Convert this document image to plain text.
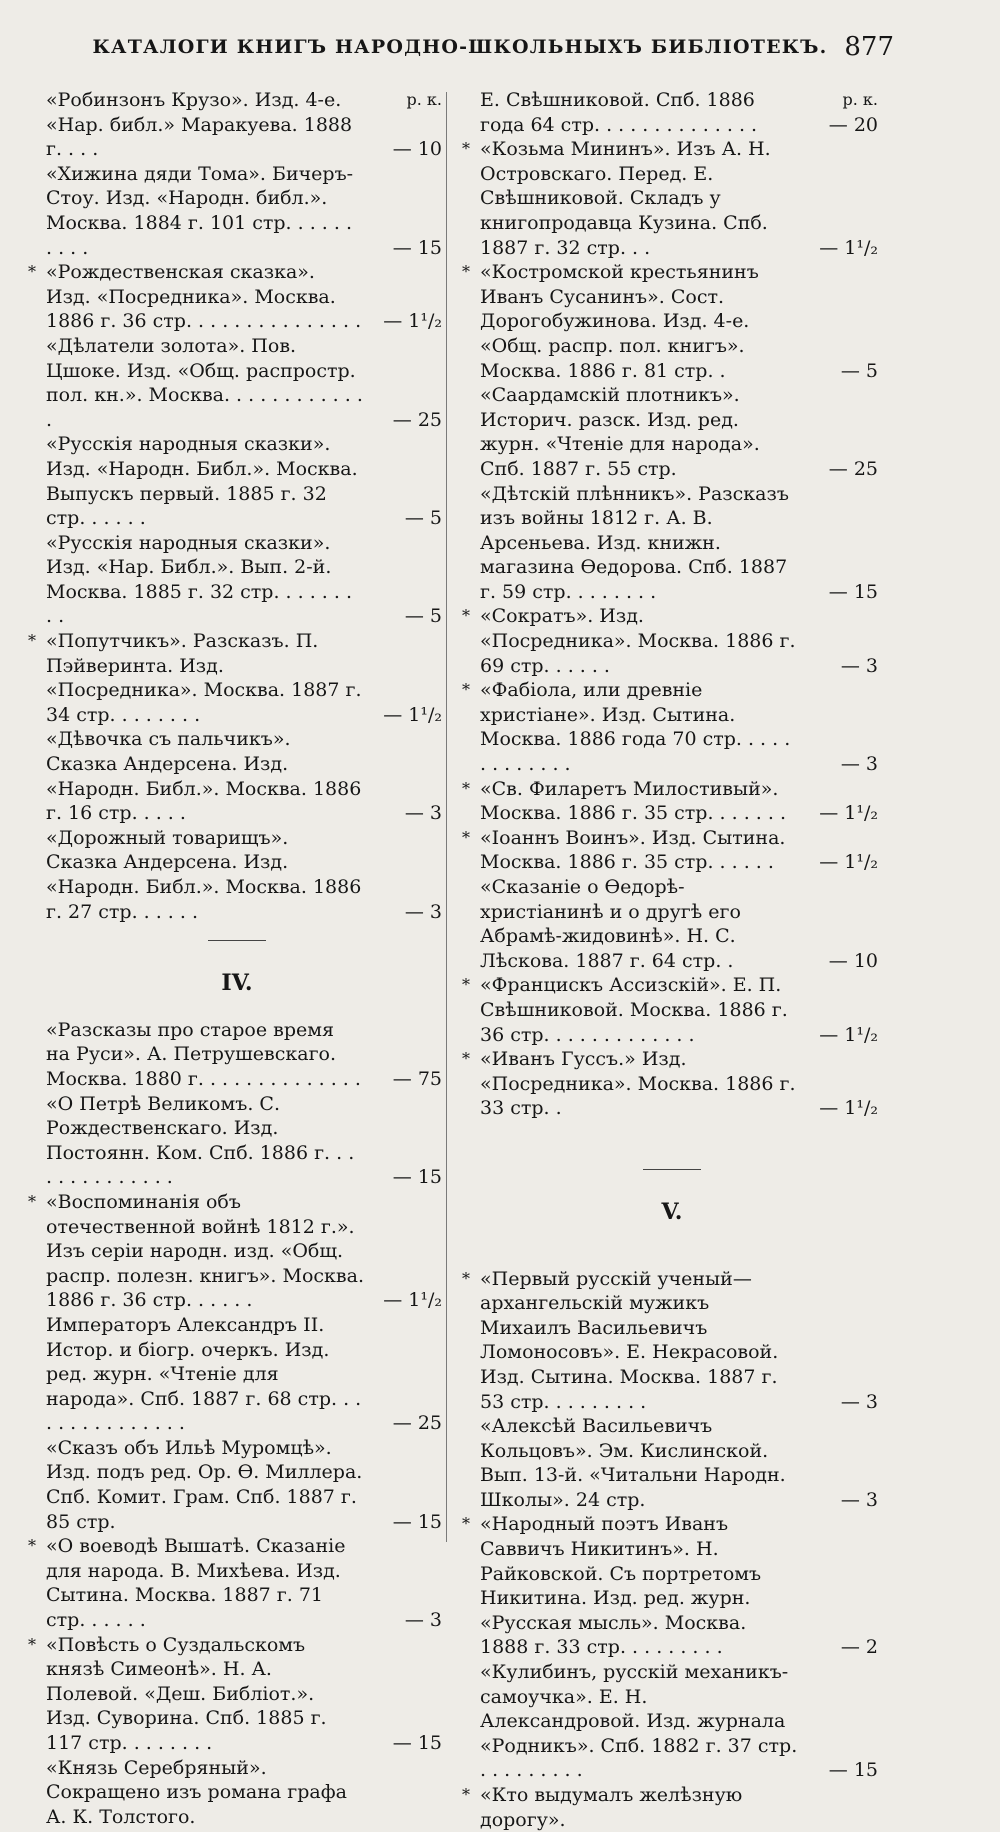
КАТАЛОГИ КНИГЪ НАРОДНО-ШКОЛЬНЫХЪ БИБЛІОТЕКЪ. 877
р. к.
«Робинзонъ Крузо». Изд. 4-е. «Нар. библ.» Маракуева. 1888 г. . . .	— 10
«Хижина дяди Тома». Бичеръ-Стоу. Изд. «Народн. библ.». Москва. 1884 г. 101 стр. . . . . . . . . .	— 15
* «Рождественская сказка». Изд. «Посредника». Москва. 1886 г. 36 стр. . . . . . . . . . . . . . .	— 1¹/₂
«Дѣлатели золота». Пов. Цшоке. Изд. «Общ. распростр. пол. кн.». Москва. . . . . . . . . . . . .	— 25
«Русскія народныя сказки». Изд. «Народн. Библ.». Москва. Выпускъ первый. 1885 г. 32 стр. . . . . .	— 5
«Русскія народныя сказки». Изд. «Нар. Библ.». Вып. 2-й. Москва. 1885 г. 32 стр. . . . . . . . .	— 5
* «Попутчикъ». Разсказъ. П. Пэйверинта. Изд. «Посредника». Москва. 1887 г. 34 стр. . . . . . . .	— 1¹/₂
«Дѣвочка съ пальчикъ». Сказка Андерсена. Изд. «Народн. Библ.». Москва. 1886 г. 16 стр. . . . .	— 3
«Дорожный товарищъ». Сказка Андерсена. Изд. «Народн. Библ.». Москва. 1886 г. 27 стр. . . . . .	— 3
IV.
«Разсказы про старое время на Руси». А. Петрушевскаго. Москва. 1880 г. . . . . . . . . . . . . .	— 75
«О Петрѣ Великомъ. С. Рождественскаго. Изд. Постоянн. Ком. Спб. 1886 г. . . . . . . . . . . . . .	— 15
* «Воспоминанія объ отечественной войнѣ 1812 г.». Изъ серіи народн. изд. «Общ. распр. полезн. книгъ». Москва. 1886 г. 36 стр. . . . . .	— 1¹/₂
Императоръ Александръ II. Истор. и біогр. очеркъ. Изд. ред. журн. «Чтеніе для народа». Спб. 1887 г. 68 стр. . . . . . . . . . . . . . .	— 25
«Сказъ объ Ильѣ Муромцѣ». Изд. подъ ред. Ор. Ѳ. Миллера. Спб. Комит. Грам. Спб. 1887 г. 85 стр.	— 15
* «О воеводѣ Вышатѣ. Сказаніе для народа. В. Михѣева. Изд. Сытина. Москва. 1887 г. 71 стр. . . . . .	— 3
* «Повѣсть о Суздальскомъ князѣ Симеонѣ». Н. А. Полевой. «Деш. Библіот.». Изд. Суворина. Спб. 1885 г. 117 стр. . . . . . . .	— 15
«Князь Серебряный». Сокращено изъ романа графа А. К. Толстого.
р. к.
Е. Свѣшниковой. Спб. 1886 года 64 стр. . . . . . . . . . . . . .	— 20
* «Козьма Мининъ». Изъ А. Н. Островскаго. Перед. Е. Свѣшниковой. Складъ у книгопродавца Кузина. Спб. 1887 г. 32 стр. . .	— 1¹/₂
* «Костромской крестьянинъ Иванъ Сусанинъ». Сост. Дорогобужинова. Изд. 4-е. «Общ. распр. пол. книгъ». Москва. 1886 г. 81 стр. .	— 5
«Саардамскій плотникъ». Историч. разск. Изд. ред. журн. «Чтеніе для народа». Спб. 1887 г. 55 стр.	— 25
«Дѣтскій плѣнникъ». Разсказъ изъ войны 1812 г. А. В. Арсеньева. Изд. книжн. магазина Ѳедорова. Спб. 1887 г. 59 стр. . . . . . . .	— 15
* «Сократъ». Изд. «Посредника». Москва. 1886 г. 69 стр. . . . . .	— 3
* «Фабіола, или древніе христіане». Изд. Сытина. Москва. 1886 года 70 стр. . . . . . . . . . . . .	— 3
* «Св. Филаретъ Милостивый». Москва. 1886 г. 35 стр. . . . . . .	— 1¹/₂
* «Іоаннъ Воинъ». Изд. Сытина. Москва. 1886 г. 35 стр. . . . . .	— 1¹/₂
«Сказаніе о Ѳедорѣ-христіанинѣ и о другѣ его Абрамѣ-жидовинѣ». Н. С. Лѣскова. 1887 г. 64 стр. .	— 10
* «Францискъ Ассизскій». Е. П. Свѣшниковой. Москва. 1886 г. 36 стр. . . . . . . . . . . . .	— 1¹/₂
* «Иванъ Гуссъ.» Изд. «Посредника». Москва. 1886 г. 33 стр. .	— 1¹/₂
V.
* «Первый русскій ученый—архангельскій мужикъ Михаилъ Васильевичъ Ломоносовъ». Е. Некрасовой. Изд. Сытина. Москва. 1887 г. 53 стр. . . . . . . . .	— 3
«Алексѣй Васильевичъ Кольцовъ». Эм. Кислинской. Вып. 13-й. «Читальни Народн. Школы». 24 стр.	— 3
* «Народный поэтъ Иванъ Саввичъ Никитинъ». Н. Райковской. Съ портретомъ Никитина. Изд. ред. журн. «Русская мысль». Москва. 1888 г. 33 стр. . . . . . . . .	— 2
«Кулибинъ, русскій механикъ-самоучка». Е. Н. Александровой. Изд. журнала «Родникъ». Спб. 1882 г. 37 стр. . . . . . . . . .	— 15
* «Кто выдумалъ желѣзную дорогу».
